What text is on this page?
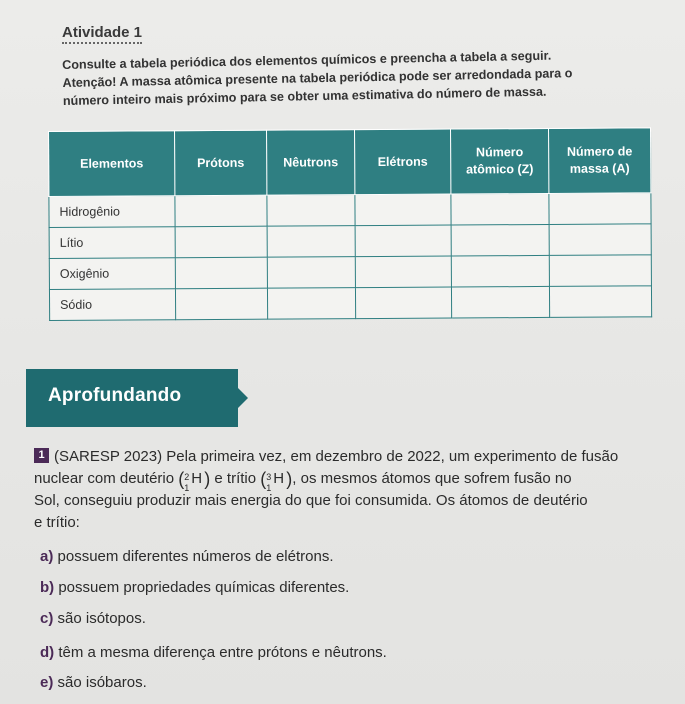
Atividade 1

Consulte a tabela periódica dos elementos químicos e preencha a tabela a seguir.

Atenção! A massa atômica presente na tabela periódica pode ser arredondada para o

número inteiro mais próximo para se obter uma estimativa do número de massa.

Elementos	Prótons	Nêutrons	Elétrons	Número atômico (Z)	Número de massa (A)
Hidrogênio					
Lítio					
Oxigênio					
Sódio					
Aprofundando
1 (SARESP 2023) Pela primeira vez, em dezembro de 2022, um experimento de fusão
nuclear com deutério ( 2
1
H ) e trítio ( 3
1
H ), os mesmos átomos que sofrem fusão no
Sol, conseguiu produzir mais energia do que foi consumida. Os átomos de deutério
e trítio:
a) possuem diferentes números de elétrons.
b) possuem propriedades químicas diferentes.
c) são isótopos.
d) têm a mesma diferença entre prótons e nêutrons.
e) são isóbaros.
